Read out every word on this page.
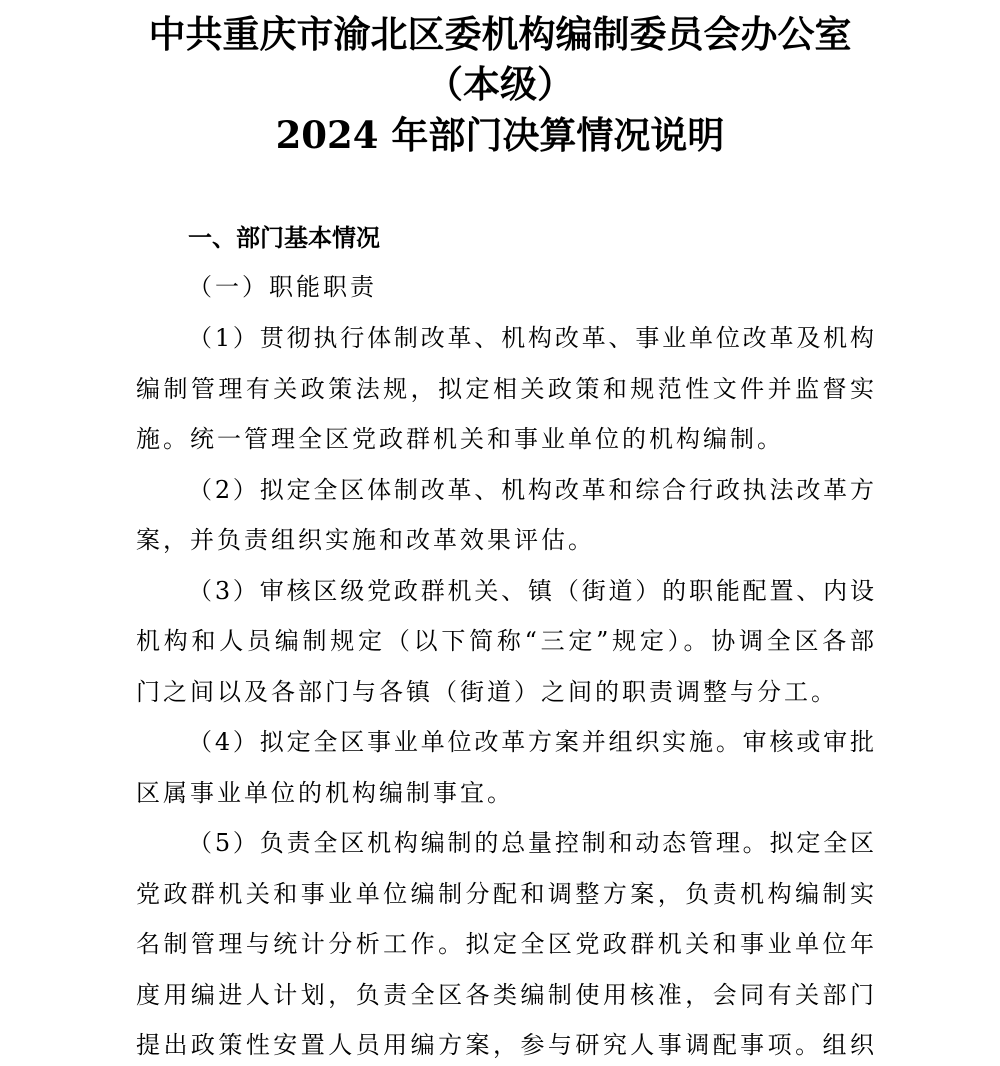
中共重庆市渝北区委机构编制委员会办公室
（本级）
2024 年部门决算情况说明
一、部门基本情况
（一）职能职责
（1）贯彻执行体制改革、机构改革、事业单位改革及机构
编制管理有关政策法规，拟定相关政策和规范性文件并监督实
施。统一管理全区党政群机关和事业单位的机构编制。
（2）拟定全区体制改革、机构改革和综合行政执法改革方
案，并负责组织实施和改革效果评估。
（3）审核区级党政群机关、镇（街道）的职能配置、内设
机构和人员编制规定（以下简称“三定”规定）。协调全区各部
门之间以及各部门与各镇（街道）之间的职责调整与分工。
（4）拟定全区事业单位改革方案并组织实施。审核或审批
区属事业单位的机构编制事宜。
（5）负责全区机构编制的总量控制和动态管理。拟定全区
党政群机关和事业单位编制分配和调整方案，负责机构编制实
名制管理与统计分析工作。拟定全区党政群机关和事业单位年
度用编进人计划，负责全区各类编制使用核准，会同有关部门
提出政策性安置人员用编方案，参与研究人事调配事项。组织
